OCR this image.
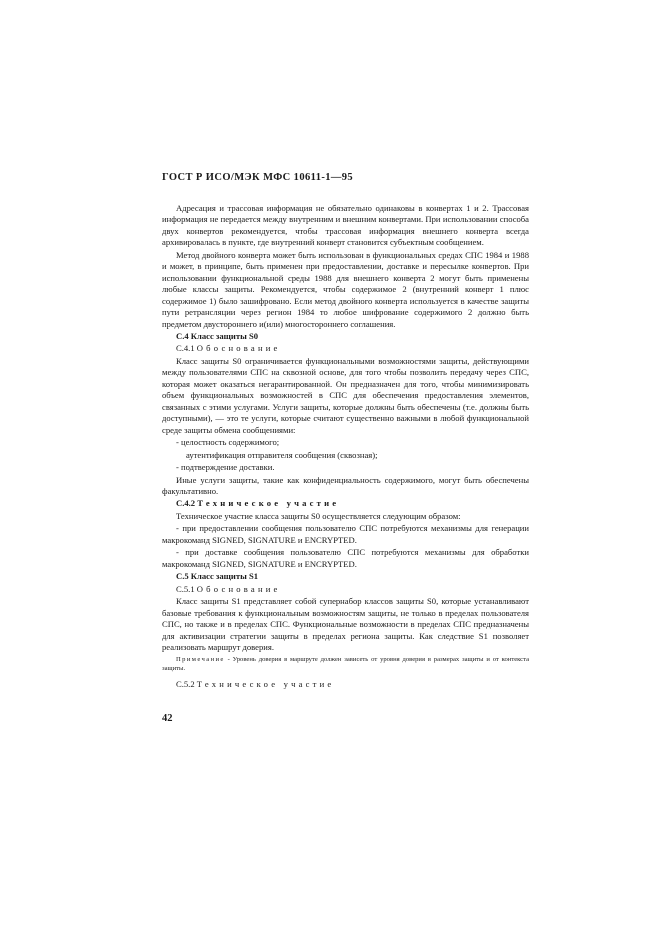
ГОСТ Р ИСО/МЭК МФС 10611-1—95

Адресация и трассовая информация не обязательно одинаковы в конвертах 1 и 2. Трассовая информация не передается между внутренним и внешним конвертами. При использовании способа двух конвертов рекомендуется, чтобы трассовая информация внешнего конверта всегда архивировалась в пункте, где внутренний конверт становится субъектным сообщением.

Метод двойного конверта может быть использован в функциональных средах СПС 1984 и 1988 и может, в принципе, быть применен при предоставлении, доставке и пересылке конвертов. При использовании функциональной среды 1988 для внешнего конверта 2 могут быть применены любые классы защиты. Рекомендуется, чтобы содержимое 2 (внутренний конверт 1 плюс содержимое 1) было зашифровано. Если метод двойного конверта используется в качестве защиты пути ретрансляции через регион 1984 то любое шифрование содержимого 2 должно быть предметом двустороннего и(или) многостороннего соглашения.

С.4 Класс защиты S0
С.4.1 Обоснование

Класс защиты S0 ограничивается функциональными возможностями защиты, действующими между пользователями СПС на сквозной основе, для того чтобы позволить передачу через СПС, которая может оказаться негарантированной. Он предназначен для того, чтобы минимизировать объем функциональных возможностей в СПС для обеспечения предоставления элементов, связанных с этими услугами. Услуги защиты, которые должны быть обеспечены (т.е. должны быть доступными), — это те услуги, которые считают существенно важными в любой функциональной среде защиты обмена сообщениями:

- целостность содержимого;
аутентификация отправителя сообщения (сквозная);
- подтверждение доставки.

Иные услуги защиты, такие как конфиденциальность содержимого, могут быть обеспечены факультативно.

С.4.2 Техническое участие

Техническое участие класса защиты S0 осуществляется следующим образом:

- при предоставлении сообщения пользователю СПС потребуются механизмы для генерации макрокоманд SIGNED, SIGNATURE и ENCRYPTED.

- при доставке сообщения пользователю СПС потребуются механизмы для обработки макрокоманд SIGNED, SIGNATURE и ENCRYPTED.

С.5 Класс защиты S1
С.5.1 Обоснование

Класс защиты S1 представляет собой супернабор классов защиты S0, которые устанавливают базовые требования к функциональным возможностям защиты, не только в пределах пользователя СПС, но также и в пределах СПС. Функциональные возможности в пределах СПС предназначены для активизации стратегии защиты в пределах региона защиты. Как следствие S1 позволяет реализовать маршрут доверия.

Примечание - Уровень доверия в маршруте должен зависеть от уровня доверия в размерах защиты и от контекста защиты.

С.5.2 Техническое участие
42
